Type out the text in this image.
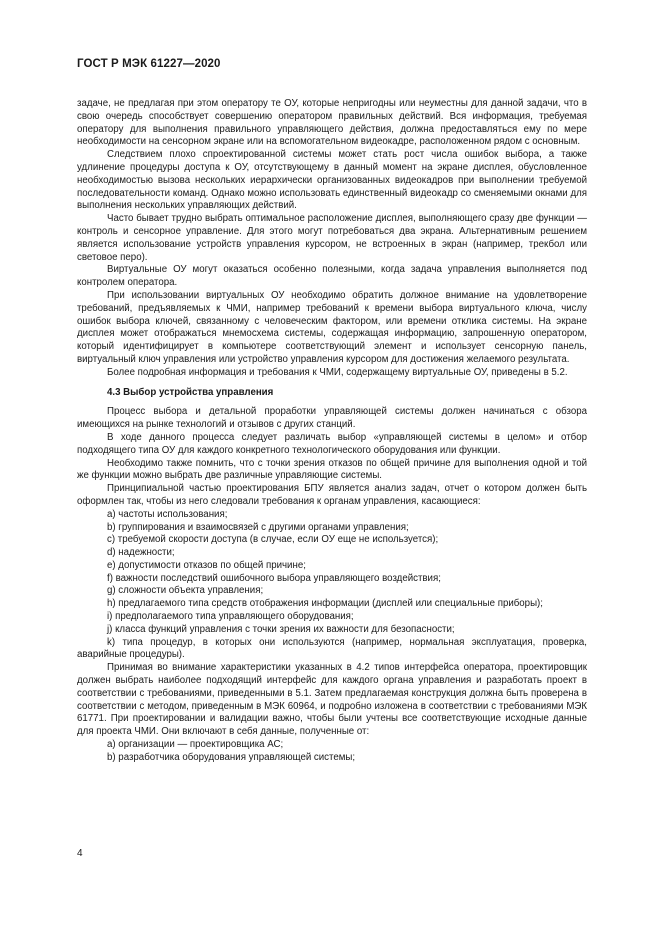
ГОСТ Р МЭК 61227—2020

задаче, не предлагая при этом оператору те ОУ, которые непригодны или неуместны для данной задачи, что в свою очередь способствует совершению оператором правильных действий. Вся информация, требуемая оператору для выполнения правильного управляющего действия, должна предоставляться ему по мере необходимости на сенсорном экране или на вспомогательном видеокадре, расположенном рядом с основным.

Следствием плохо спроектированной системы может стать рост числа ошибок выбора, а также удлинение процедуры доступа к ОУ, отсутствующему в данный момент на экране дисплея, обусловленное необходимостью вызова нескольких иерархически организованных видеокадров при выполнении требуемой последовательности команд. Однако можно использовать единственный видеокадр со сменяемыми окнами для выполнения нескольких управляющих действий.

Часто бывает трудно выбрать оптимальное расположение дисплея, выполняющего сразу две функции — контроль и сенсорное управление. Для этого могут потребоваться два экрана. Альтернативным решением является использование устройств управления курсором, не встроенных в экран (например, трекбол или световое перо).

Виртуальные ОУ могут оказаться особенно полезными, когда задача управления выполняется под контролем оператора.

При использовании виртуальных ОУ необходимо обратить должное внимание на удовлетворение требований, предъявляемых к ЧМИ, например требований к времени выбора виртуального ключа, числу ошибок выбора ключей, связанному с человеческим фактором, или времени отклика системы. На экране дисплея может отображаться мнемосхема системы, содержащая информацию, запрошенную оператором, который идентифицирует в компьютере соответствующий элемент и использует сенсорную панель, виртуальный ключ управления или устройство управления курсором для достижения желаемого результата.

Более подробная информация и требования к ЧМИ, содержащему виртуальные ОУ, приведены в 5.2.

4.3 Выбор устройства управления

Процесс выбора и детальной проработки управляющей системы должен начинаться с обзора имеющихся на рынке технологий и отзывов с других станций.

В ходе данного процесса следует различать выбор «управляющей системы в целом» и отбор подходящего типа ОУ для каждого конкретного технологического оборудования или функции.

Необходимо также помнить, что с точки зрения отказов по общей причине для выполнения одной и той же функции можно выбрать две различные управляющие системы.

Принципиальной частью проектирования БПУ является анализ задач, отчет о котором должен быть оформлен так, чтобы из него следовали требования к органам управления, касающиеся:

а) частоты использования;
b) группирования и взаимосвязей с другими органами управления;
c) требуемой скорости доступа (в случае, если ОУ еще не используется);
d) надежности;
e) допустимости отказов по общей причине;
f) важности последствий ошибочного выбора управляющего воздействия;
g) сложности объекта управления;
h) предлагаемого типа средств отображения информации (дисплей или специальные приборы);
i) предполагаемого типа управляющего оборудования;
j) класса функций управления с точки зрения их важности для безопасности;
k) типа процедур, в которых они используются (например, нормальная эксплуатация, проверка, аварийные процедуры).

Принимая во внимание характеристики указанных в 4.2 типов интерфейса оператора, проектировщик должен выбрать наиболее подходящий интерфейс для каждого органа управления и разработать проект в соответствии с требованиями, приведенными в 5.1. Затем предлагаемая конструкция должна быть проверена в соответствии с методом, приведенным в МЭК 60964, и подробно изложена в соответствии с требованиями МЭК 61771. При проектировании и валидации важно, чтобы были учтены все соответствующие исходные данные для проекта ЧМИ. Они включают в себя данные, полученные от:

а) организации — проектировщика АС;
b) разработчика оборудования управляющей системы;
4
